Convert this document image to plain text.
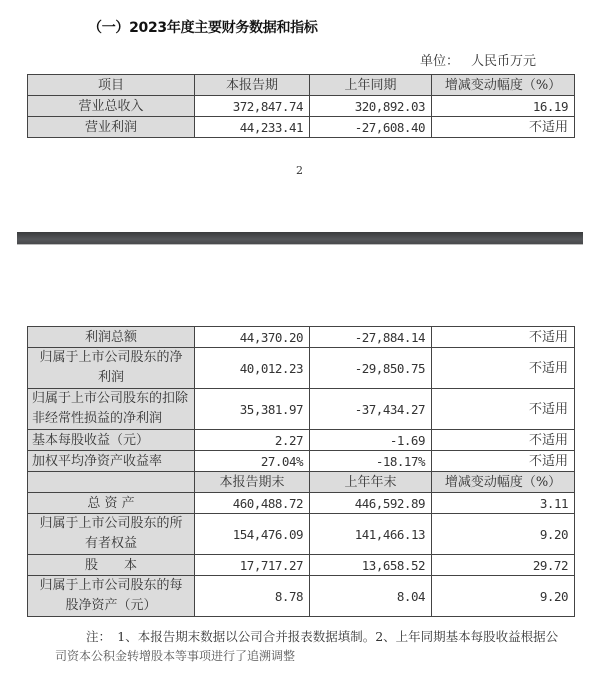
（一）2023年度主要财务数据和指标
单位： 人民币万元
项目	本报告期	上年同期	增减变动幅度（%）
营业总收入	372,847.74	320,892.03	16.19
营业利润	44,233.41	-27,608.40	不适用
2
利润总额	44,370.20	-27,884.14	不适用
归属于上市公司股东的净利润	40,012.23	-29,850.75	不适用
归属于上市公司股东的扣除非经常性损益的净利润	35,381.97	-37,434.27	不适用
基本每股收益（元）	2.27	-1.69	不适用
加权平均净资产收益率	27.04%	-18.17%	不适用
	本报告期末	上年年末	增减变动幅度（%）
总 资 产	460,488.72	446,592.89	3.11
归属于上市公司股东的所有者权益	154,476.09	141,466.13	9.20
股　　本	17,717.27	13,658.52	29.72
归属于上市公司股东的每股净资产（元）	8.78	8.04	9.20
注：　1、本报告期末数据以公司合并报表数据填制。2、上年同期基本每股收益根据公
司资本公积金转增股本等事项进行了追溯调整
